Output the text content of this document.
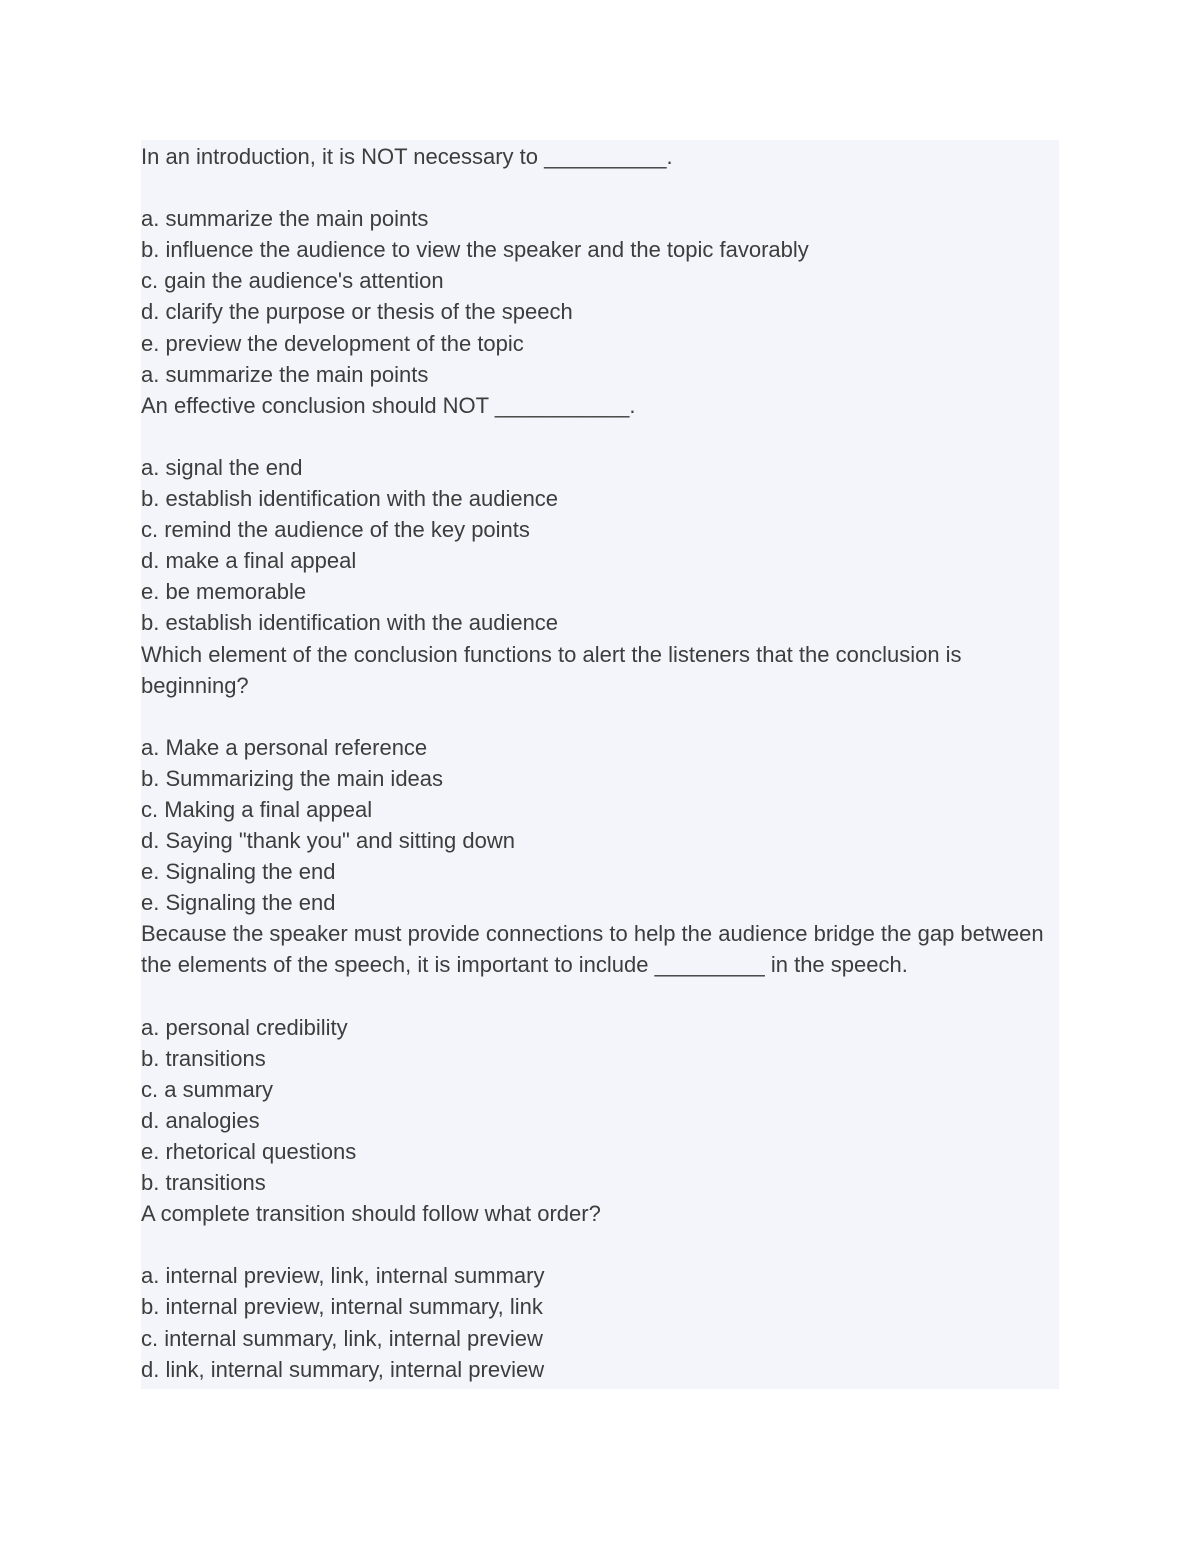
In an introduction, it is NOT necessary to __________.
a. summarize the main points
b. influence the audience to view the speaker and the topic favorably
c. gain the audience's attention
d. clarify the purpose or thesis of the speech
e. preview the development of the topic
a. summarize the main points
An effective conclusion should NOT ___________.
a. signal the end
b. establish identification with the audience
c. remind the audience of the key points
d. make a final appeal
e. be memorable
b. establish identification with the audience
Which element of the conclusion functions to alert the listeners that the conclusion is beginning?
a. Make a personal reference
b. Summarizing the main ideas
c. Making a final appeal
d. Saying "thank you" and sitting down
e. Signaling the end
e. Signaling the end
Because the speaker must provide connections to help the audience bridge the gap between the elements of the speech, it is important to include _________ in the speech.
a. personal credibility
b. transitions
c. a summary
d. analogies
e. rhetorical questions
b. transitions
A complete transition should follow what order?
a. internal preview, link, internal summary
b. internal preview, internal summary, link
c. internal summary, link, internal preview
d. link, internal summary, internal preview
